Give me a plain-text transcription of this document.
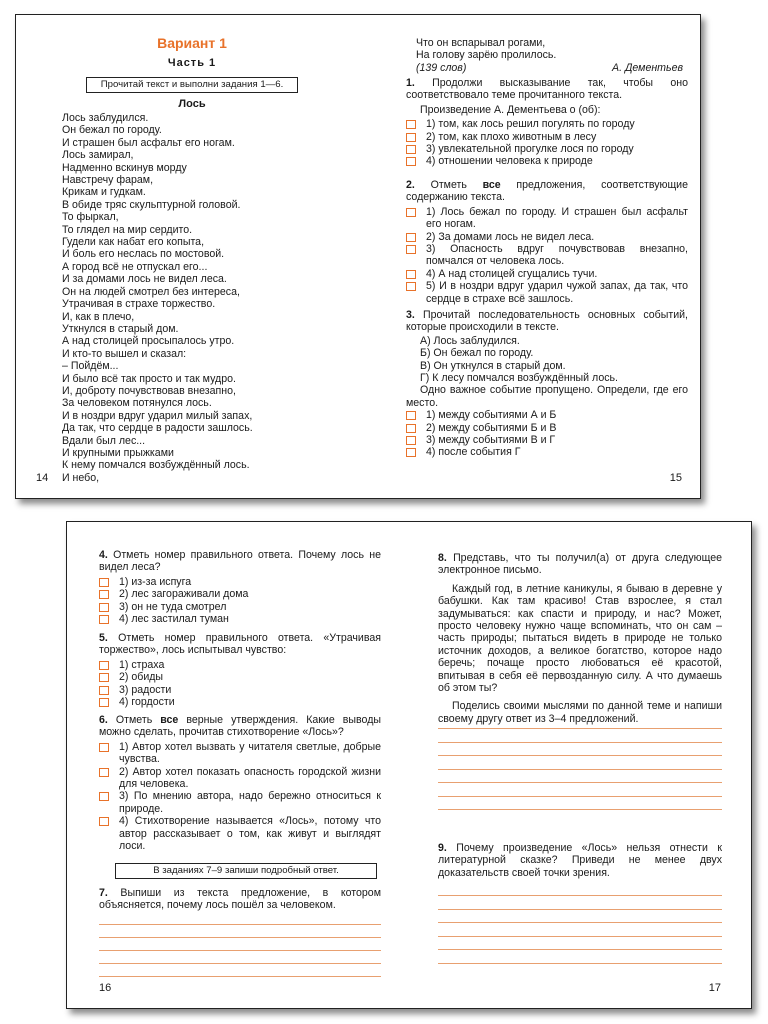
Вариант 1
Часть 1
Прочитай текст и выполни задания 1—6.
Лось
Лось заблудился.
Он бежал по городу.
И страшен был асфальт его ногам.
Лось замирал,
Надменно вскинув морду
Навстречу фарам,
Крикам и гудкам.
В обиде тряс скульптурной головой.
То фыркал,
То глядел на мир сердито.
Гудели как набат его копыта,
И боль его неслась по мостовой.
А город всё не отпускал его...
И за домами лось не видел леса.
Он на людей смотрел без интереса,
Утрачивая в страхе торжество.
И, как в плечо,
Уткнулся в старый дом.
А над столицей просыпалось утро.
И кто-то вышел и сказал:
– Пойдём...
И было всё так просто и так мудро.
И, доброту почувствовав внезапно,
За человеком потянулся лось.
И в ноздри вдруг ударил милый запах,
Да так, что сердце в радости зашлось.
Вдали был лес...
И крупными прыжками
К нему помчался возбуждённый лось.
И небо,
14
Что он вспарывал рогами,
На голову зарёю пролилось.
(139 слов)	А. Дементьев
1. Продолжи высказывание так, чтобы оно соответствовало теме прочитанного текста.
Произведение А. Дементьева о (об):
1) том, как лось решил погулять по городу
2) том, как плохо животным в лесу
3) увлекательной прогулке лося по городу
4) отношении человека к природе
2. Отметь все предложения, соответствующие содержанию текста.
1) Лось бежал по городу. И страшен был асфальт его ногам.
2) За домами лось не видел леса.
3) Опасность вдруг почувствовав внезапно, помчался от человека лось.
4) А над столицей сгущались тучи.
5) И в ноздри вдруг ударил чужой запах, да так, что сердце в страхе всё зашлось.
3. Прочитай последовательность основных событий, которые происходили в тексте.
А) Лось заблудился.
Б) Он бежал по городу.
В) Он уткнулся в старый дом.
Г) К лесу помчался возбуждённый лось.
Одно важное событие пропущено. Определи, где его место.
1) между событиями А и Б
2) между событиями Б и В
3) между событиями В и Г
4) после события Г
15
4. Отметь номер правильного ответа. Почему лось не видел леса?
1) из-за испуга
2) лес загораживали дома
3) он не туда смотрел
4) лес застилал туман
5. Отметь номер правильного ответа. «Утрачивая торжество», лось испытывал чувство:
1) страха
2) обиды
3) радости
4) гордости
6. Отметь все верные утверждения. Какие выводы можно сделать, прочитав стихотворение «Лось»?
1) Автор хотел вызвать у читателя светлые, добрые чувства.
2) Автор хотел показать опасность городской жизни для человека.
3) По мнению автора, надо бережно относиться к природе.
4) Стихотворение называется «Лось», потому что автор рассказывает о том, как живут и выглядят лоси.
В заданиях 7–9 запиши подробный ответ.
7. Выпиши из текста предложение, в котором объясняется, почему лось пошёл за человеком.
16
8. Представь, что ты получил(а) от друга следующее электронное письмо.
Каждый год, в летние каникулы, я бываю в деревне у бабушки. Как там красиво! Став взрослее, я стал задумываться: как спасти и природу, и нас? Может, просто человеку нужно чаще вспоминать, что он сам – часть природы; пытаться видеть в природе не только источник доходов, а великое богатство, которое надо беречь; почаще просто любоваться её красотой, впитывая в себя её первозданную силу. А что думаешь об этом ты?
Поделись своими мыслями по данной теме и напиши своему другу ответ из 3–4 предложений.
9. Почему произведение «Лось» нельзя отнести к литературной сказке? Приведи не менее двух доказательств своей точки зрения.
17
